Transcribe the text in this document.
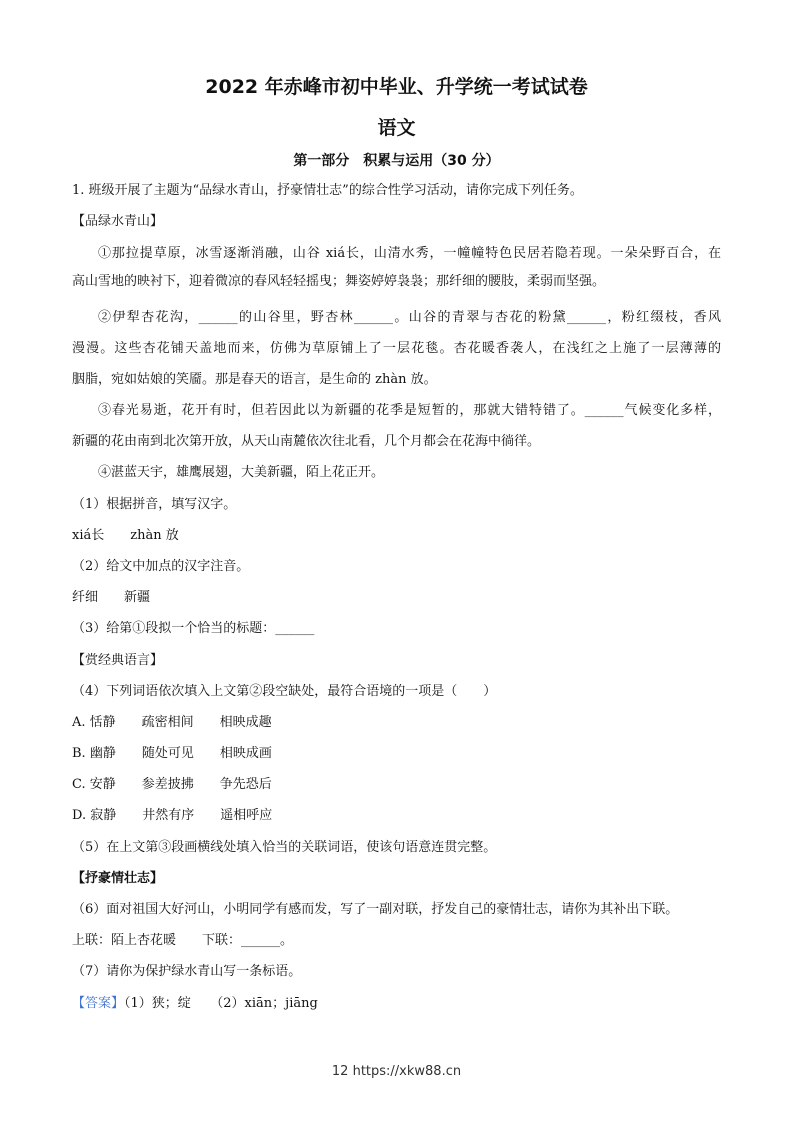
2022 年赤峰市初中毕业、升学统一考试试卷
语文
第一部分　积累与运用（30 分）
1. 班级开展了主题为“品绿水青山，抒豪情壮志”的综合性学习活动，请你完成下列任务。
【品绿水青山】
①那拉提草原，冰雪逐渐消融，山谷 xiá长，山清水秀，一幢幢特色民居若隐若现。一朵朵野百合，在
高山雪地的映衬下，迎着微凉的春风轻轻摇曳；舞姿婷婷袅袅；那纤细的腰肢，柔弱而坚强。
②伊犁杏花沟，______的山谷里，野杏林______。山谷的青翠与杏花的粉黛______，粉红缀枝，香风
漫漫。这些杏花铺天盖地而来，仿佛为草原铺上了一层花毯。杏花暖香袭人，在浅红之上施了一层薄薄的
胭脂，宛如姑娘的笑靥。那是春天的语言，是生命的 zhàn 放。
③春光易逝，花开有时，但若因此以为新疆的花季是短暂的，那就大错特错了。______气候变化多样，
新疆的花由南到北次第开放，从天山南麓依次往北看，几个月都会在花海中徜徉。
④湛蓝天宇，雄鹰展翅，大美新疆，陌上花正开。
（1）根据拼音，填写汉字。
xiá长　　zhàn 放
（2）给文中加点的汉字注音。
纤细　　新疆
（3）给第①段拟一个恰当的标题：______
【赏经典语言】
（4）下列词语依次填入上文第②段空缺处，最符合语境的一项是（　　）
A. 恬静　　疏密相间　　相映成趣
B. 幽静　　随处可见　　相映成画
C. 安静　　参差披拂　　争先恐后
D. 寂静　　井然有序　　遥相呼应
（5）在上文第③段画横线处填入恰当的关联词语，使该句语意连贯完整。
【抒豪情壮志】
（6）面对祖国大好河山，小明同学有感而发，写了一副对联，抒发自己的豪情壮志，请你为其补出下联。
上联：陌上杏花暖　　下联：______。
（7）请你为保护绿水青山写一条标语。
【答案】（1）狭；绽　　（2）xiān；jiāng
12 https://xkw88.cn
